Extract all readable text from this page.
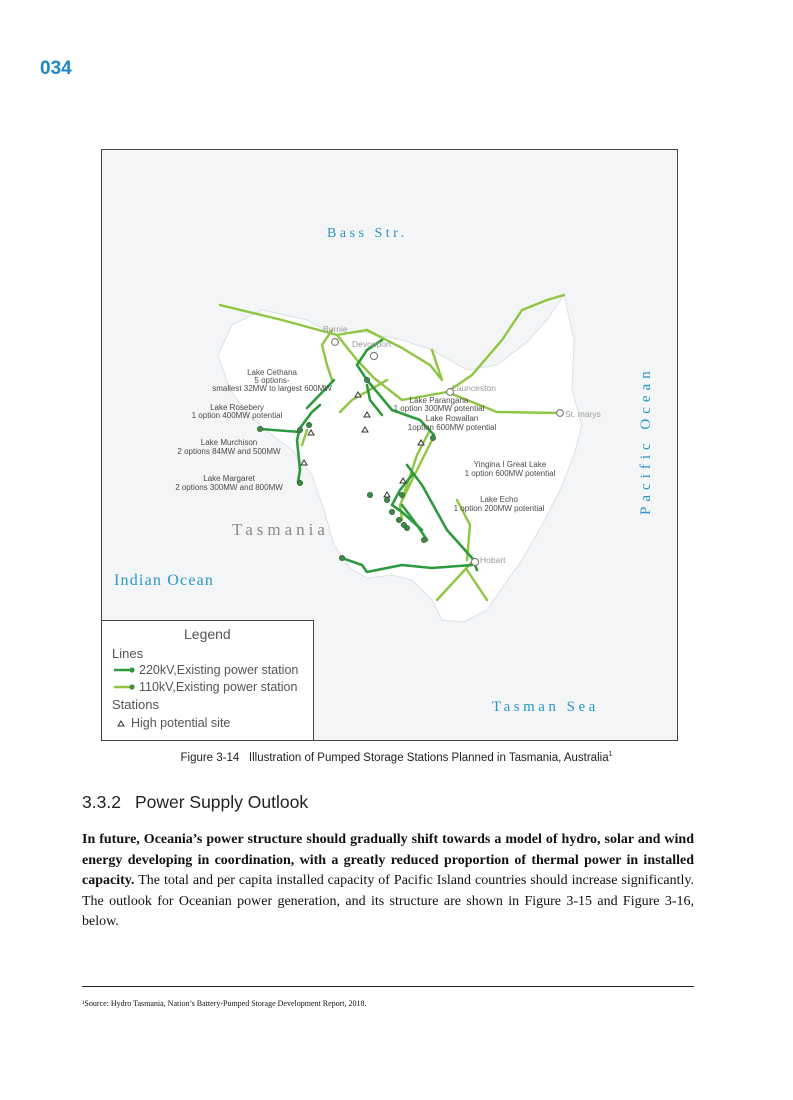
034
Bass Str.
Pacific Ocean
Indian Ocean
Tasman Sea
Tasmania
Burnie
Devonport
Launceston
St. marys
Hobart
Lake Cethana
5 options-
smallest 32MW to largest 600MW
Lake Rosebery
1 option 400MW potential
Lake Murchison
2 options 84MW and 500MW
Lake Margaret
2 options 300MW and 800MW
Lake Parangana
1 option 300MW potential
Lake Rowallan
1option 600MW potential
Yingina I Great Lake
1 option 600MW potential
Lake Echo
1 option 200MW potential
Legend
Lines
220kV,Existing power station
110kV,Existing power station
Stations
High potential site
Figure 3-14 Illustration of Pumped Storage Stations Planned in Tasmania, Australia$^1$
3.3.2 Power Supply Outlook
In future, Oceania’s power structure should gradually shift towards a model of hydro, solar and wind energy developing in coordination, with a greatly reduced proportion of thermal power in installed capacity. The total and per capita installed capacity of Pacific Island countries should increase significantly. The outlook for Oceanian power generation, and its structure are shown in Figure 3-15 and Figure 3-16, below.
¹Source: Hydro Tasmania, Nation’s Battery-Pumped Storage Development Report, 2018.
